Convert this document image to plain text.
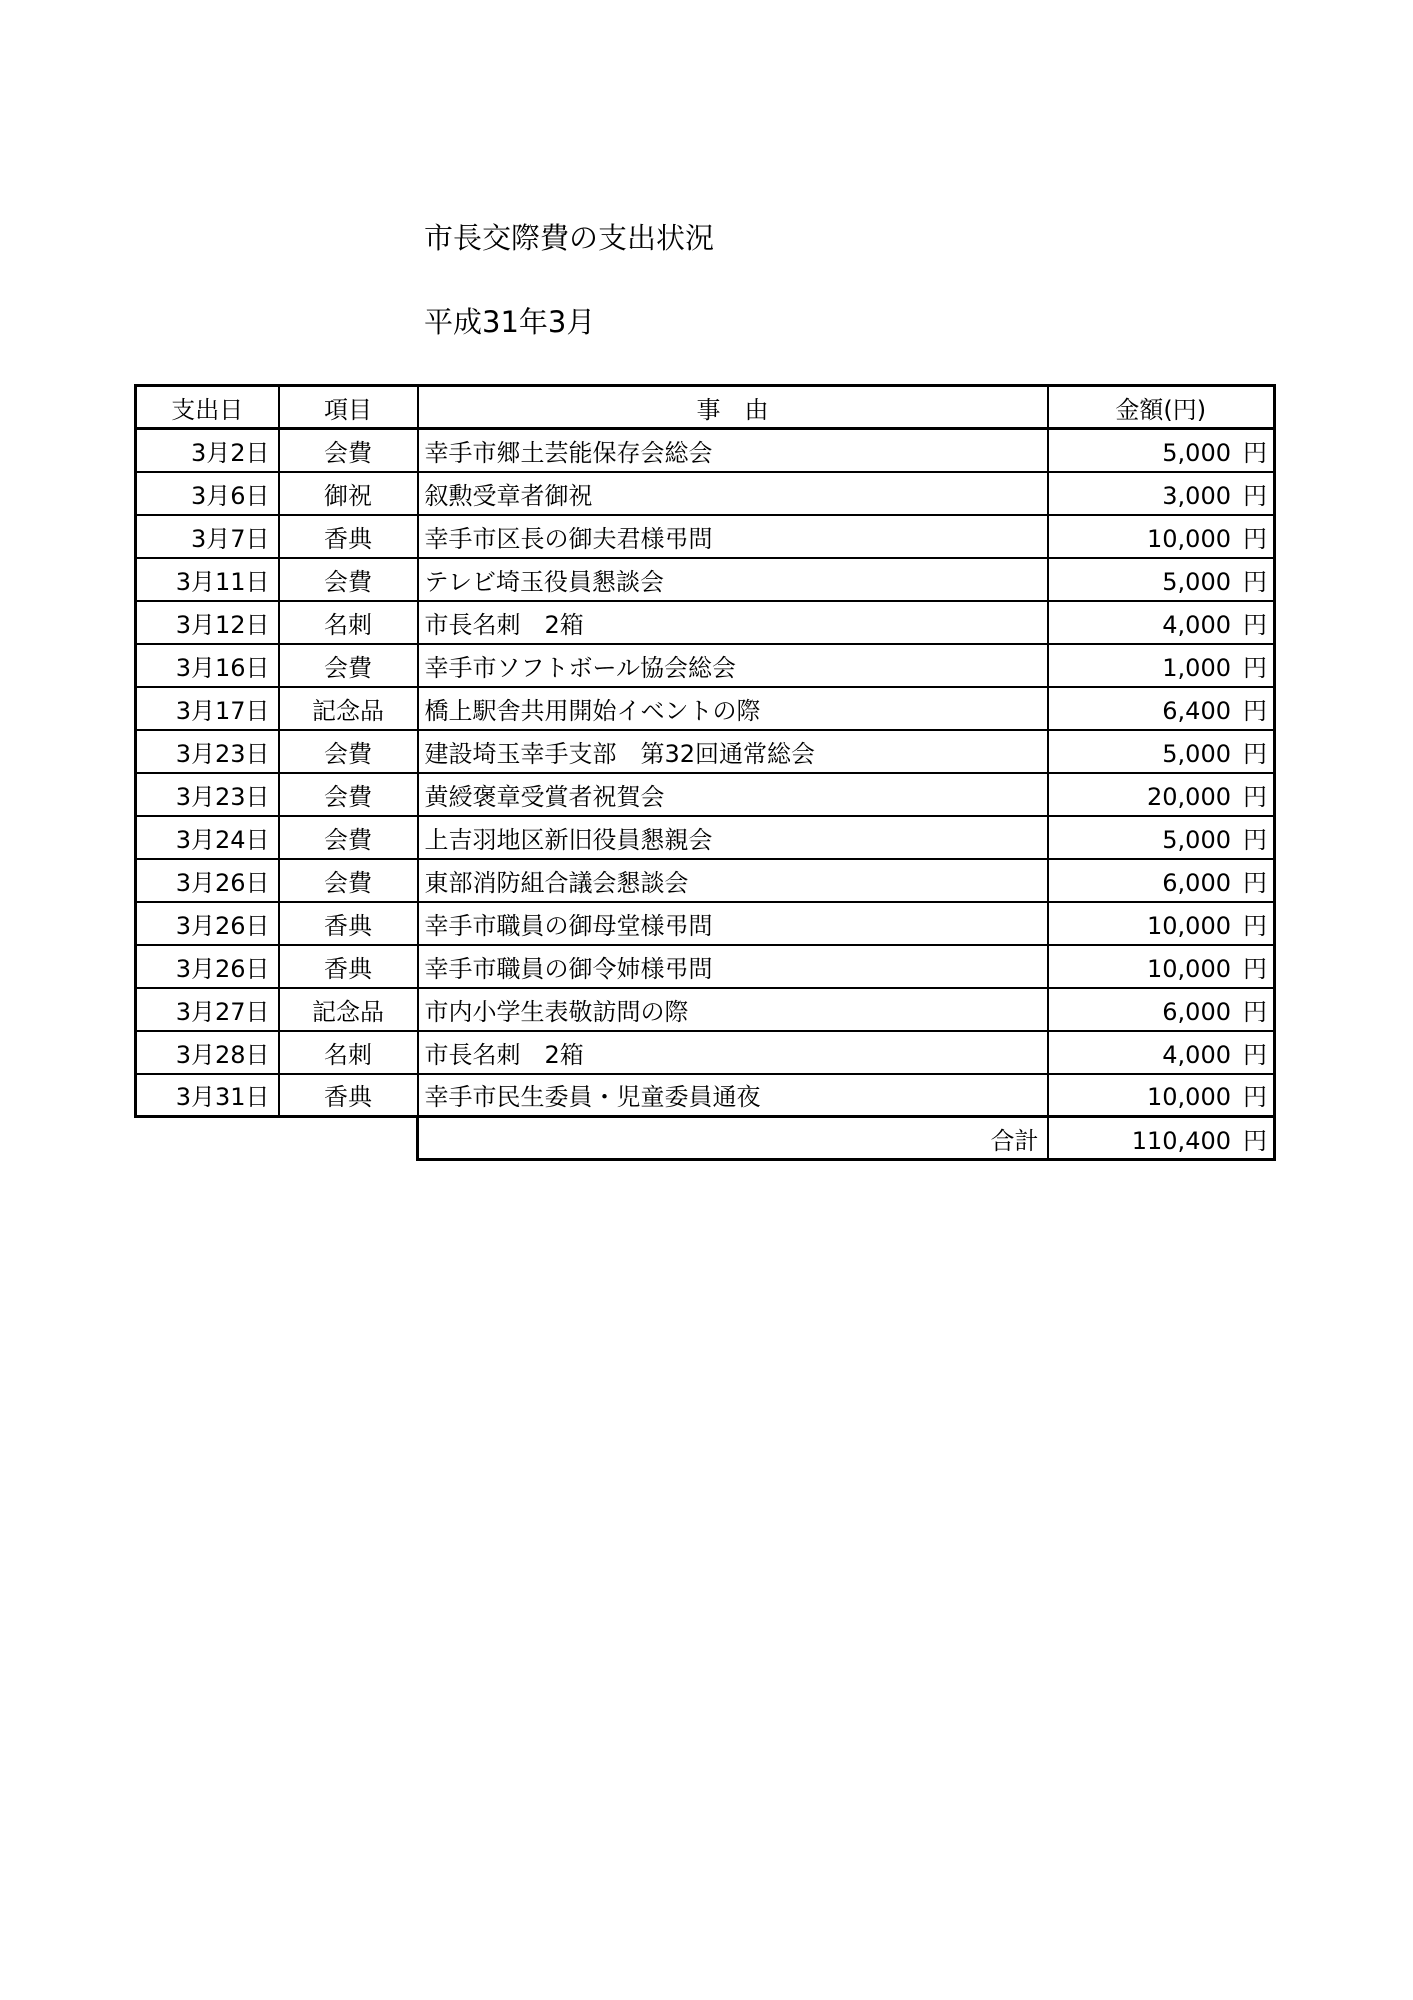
市長交際費の支出状況
平成31年3月
支出日	項目	事　由	金額(円)
3月2日	会費	幸手市郷土芸能保存会総会	5,000 円

3月6日	御祝	叙勲受章者御祝	3,000 円

3月7日	香典	幸手市区長の御夫君様弔問	10,000 円

3月11日	会費	テレビ埼玉役員懇談会	5,000 円

3月12日	名刺	市長名刺　2箱	4,000 円

3月16日	会費	幸手市ソフトボール協会総会	1,000 円

3月17日	記念品	橋上駅舎共用開始イベントの際	6,400 円

3月23日	会費	建設埼玉幸手支部　第32回通常総会	5,000 円

3月23日	会費	黄綬褒章受賞者祝賀会	20,000 円

3月24日	会費	上吉羽地区新旧役員懇親会	5,000 円

3月26日	会費	東部消防組合議会懇談会	6,000 円

3月26日	香典	幸手市職員の御母堂様弔問	10,000 円

3月26日	香典	幸手市職員の御令姉様弔問	10,000 円

3月27日	記念品	市内小学生表敬訪問の際	6,000 円

3月28日	名刺	市長名刺　2箱	4,000 円

3月31日	香典	幸手市民生委員・児童委員通夜	10,000 円

		合計	110,400 円
